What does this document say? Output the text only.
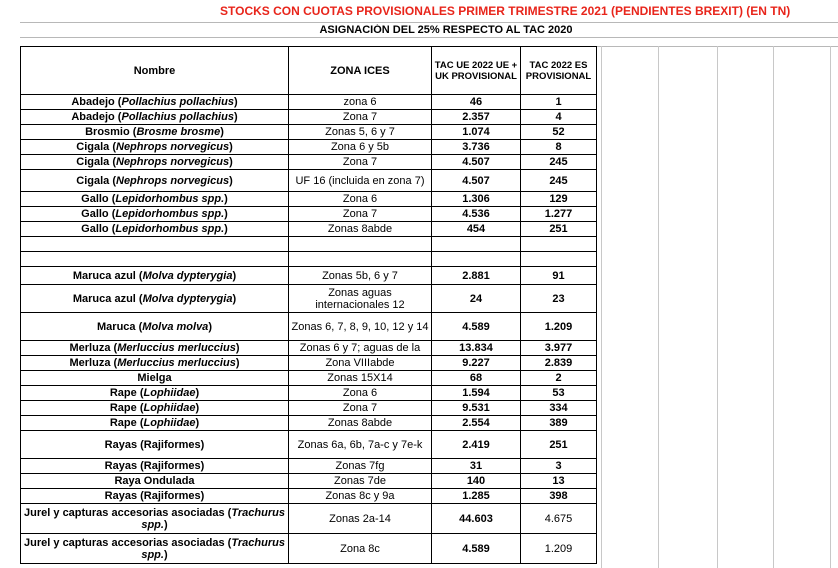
STOCKS CON CUOTAS PROVISIONALES PRIMER TRIMESTRE 2021 (PENDIENTES BREXIT) (EN TN)
ASIGNACIÓN DEL 25% RESPECTO AL TAC 2020
Nombre	ZONA ICES	TAC UE 2022 UE + UK PROVISIONAL	TAC 2022 ES PROVISIONAL
Abadejo (Pollachius pollachius)	zona 6	46	1
Abadejo (Pollachius pollachius)	Zona 7	2.357	4
Brosmio (Brosme brosme)	Zonas 5, 6 y 7	1.074	52
Cigala (Nephrops norvegicus)	Zona 6 y 5b	3.736	8
Cigala (Nephrops norvegicus)	Zona 7	4.507	245
Cigala (Nephrops norvegicus)	UF 16 (incluida en zona 7)	4.507	245
Gallo (Lepidorhombus spp.)	Zona 6	1.306	129
Gallo (Lepidorhombus spp.)	Zona 7	4.536	1.277
Gallo (Lepidorhombus spp.)	Zonas 8abde	454	251

Maruca azul (Molva dypterygia)	Zonas 5b, 6 y 7	2.881	91
Maruca azul (Molva dypterygia)	Zonas aguas internacionales 12	24	23
Maruca (Molva molva)	Zonas 6, 7, 8, 9, 10, 12 y 14	4.589	1.209
Merluza (Merluccius merluccius)	Zonas 6 y 7; aguas de la	13.834	3.977
Merluza (Merluccius merluccius)	Zona VIIIabde	9.227	2.839
Mielga	Zonas 15X14	68	2
Rape (Lophiidae)	Zona 6	1.594	53
Rape (Lophiidae)	Zona 7	9.531	334
Rape (Lophiidae)	Zonas 8abde	2.554	389
Rayas (Rajiformes)	Zonas 6a, 6b, 7a-c y 7e-k	2.419	251
Rayas (Rajiformes)	Zonas 7fg	31	3
Raya Ondulada	Zonas 7de	140	13
Rayas (Rajiformes)	Zonas 8c y 9a	1.285	398
Jurel y capturas accesorias asociadas (Trachurus spp.)	Zonas 2a-14	44.603	4.675
Jurel y capturas accesorias asociadas (Trachurus spp.)	Zona 8c	4.589	1.209
